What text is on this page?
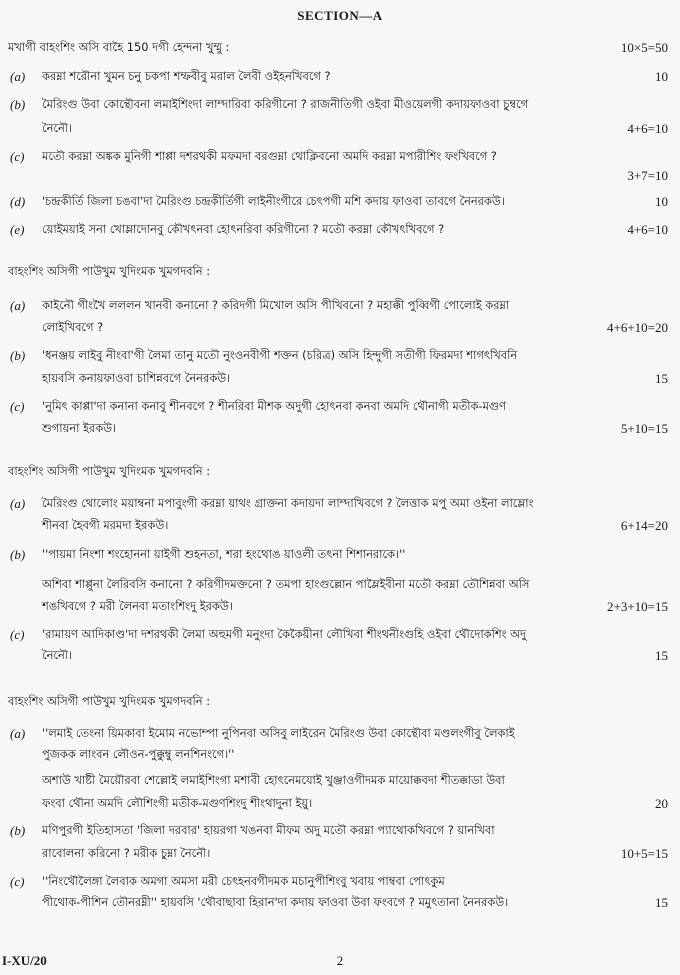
SECTION—A
মখাগী বাহংশিং অসি বাহৈ 150 দগী হেন্দনা খুম্মু :	10×5=50
(a) করম্না শরৌনা খুমন চনু চকপা শম্ফবীবু মরাল লৈবী ওইহনখিবগে ?	10
(b) মৈরিংগু উবা কোন্থৌবনা লমাইশিংদা লাম্দারিবা করিগীনো ? রাজনীতিগী ওইবা মীওয়েলগী কদায়ফাওবা চুম্বগে
নৈনৌ।	4+6=10
(c) মতৌ করম্না অঙ্কক মুনিগী শাপ্পা দশরথকী মফমদা বরগুম্না থোক্লিবনো অমদি করম্না মপারীশিং ফংখিবগে ?
3+7=10
(d) 'চন্দ্রকীর্তি জিলা চঙবা'দা মৈরিংগু চন্দ্রকীর্তিগী লাইনীংগীরে চেৎপগী মশি কদায় ফাওবা তাবগে নৈনরকউ।	10
(e) য়োইময়াই সনা খোম্লাদোনবু কৌখৎনবা হোৎনরিবা করিগীনো ? মতৌ করম্না কৌখৎখিবগে ?	4+6=10
বাহংশিং অসিগী পাউখুম খুদিংমক খুমগদবনি :
(a) কাইনৌ গীংখৈ লললন খানবী কনানো ? করিদগী মিখোল অসি পীখিবনো ? মহাক্কী পুব্বিগী পোলোই করম্না
লোইখিবগে ?	4+6+10=20
(b) 'ধনঞ্জয় লাইবু নীংবা'গী লৈমা তানু মতৌ নুংওনবীগী শক্তন (চরিত্র) অসি হিন্দুগী সতীগী ফিরমদা শাগৎখিবনি
হায়বসি কনায়ফাওবা চাশিন্নবগে নৈনরকউ।	15
(c) 'নুমিৎ কাপ্পা'দা কনানা কনাবু শীনবগে ? শীনরিবা মীশক অদুগী হোৎনবা কনবা অমদি থৌনাগী মতীক-মগুণ
শুগায়না ইরকউ।	5+10=15
বাহংশিং অসিগী পাউখুম খুদিংমক খুমগদবনি :
(a) মৈরিংগু থোলোং ময়াম্বনা মপাবুংগী করম্না য়াথং গ্রাক্তনা কদায়দা লাম্দাখিবগে ? লৈত্তাক মপু অমা ওইনা লাম্লোং
শীনবা হৈবগী মরমদা ইরকউ।	6+14=20
(b) ''পায়মা নিংশা শংহোননা য়াইগী শুহনতা, শরা হংথোঙ য়াওলী তৎনা শিশানরাকে।''
অশিবা শাপ্পুনা লৈরিবসি কনানো ? করিগীদমক্তনো ? তমপা হাংগুল্লোন পাম্লৈইবীনা মতৌ করম্না তৌশিন্নবা অসি
শঙখিবগে ? মরী লৈনবা মতাংশিংদু ইরকউ।	2+3+10=15
(c) 'রামায়ণ আদিকাণ্ড'দা দশরথকী লৈমা অহুমগী মনুংদা কৈকৈয়ীনা লৌখিবা শীংথনীংগুহি ওইবা থৌদোকশিং অদু
নৈনৌ।	15
বাহংশিং অসিগী পাউখুম খুদিংমক খুমগদবনি :
(a) ''লমাই তেংনা য়িমকাবা ইমোম নভোম্পা নুপিনবা অসিবু লাইরেন মৈরিংগু উবা কোন্থৌবা মণ্ডলংগীবু লৈকাই
পুজকক লাংবন লৌওন-পুক্কুম্বু লনশিনংগে।''
অশাউ খাষ্টী মৈয়ৌরবা শেল্লোই লমাইশিংগা মশাবী হোৎনেমযোই খুঞ্জাওগীদমক মায়োক্কবদা শীতক্কাডা উবা
ফংবা থৌনা অমদি লৌশিংগী মতীক-মগুণশিংদু শীংথাদুনা ইয়ু।	20
(b) মণিপুরগী ইতিহাসতা 'জিলা দরবার' হায়রগা খঙনবা মীফম অদু মতৌ করম্না প্যাথোকখিবগে ? য়ানখিবা
রাবোলনা করিনো ? মরীক চুম্না নৈনৌ।	10+5=15
(c) ''নিংথৌলৈঙ্গা লৈবাক অমগা অমসা মরী চেৎহনবগীদমক মচানুপীশিংবু খবায় পাম্ববা পোৎকুম
পীথোক-পীশিন তৌনরম্নী'' হায়বসি 'থৌবাছাবা হিরান'দা কদায় ফাওবা উবা ফংবগে ? মমুৎতানা নৈনরকউ।	15
I-XU/20	2
